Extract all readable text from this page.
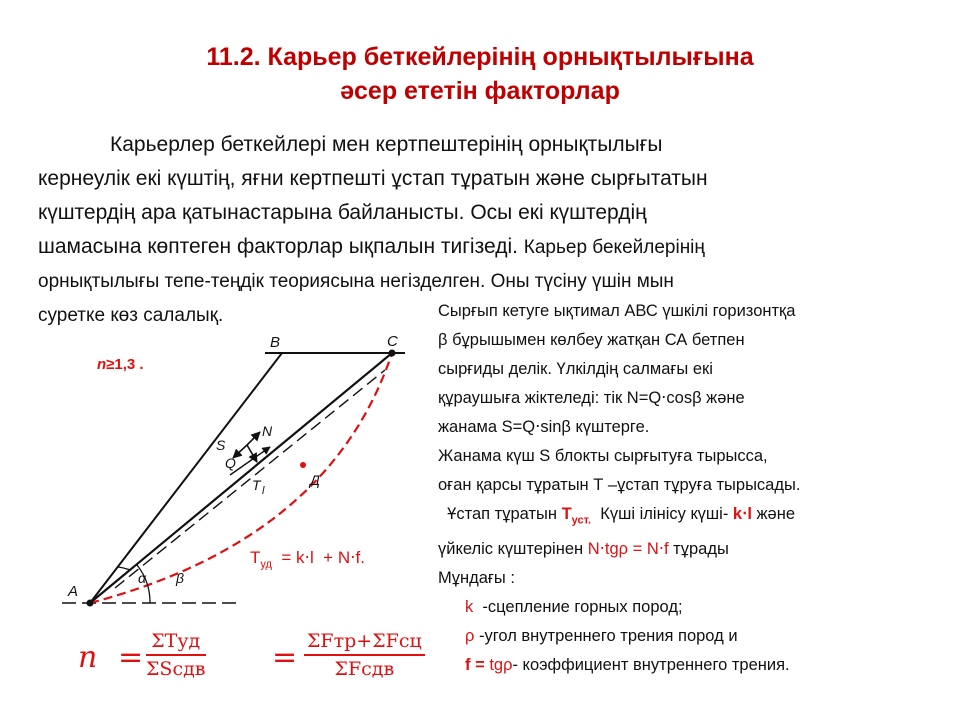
11.2. Карьер беткейлерінің орнықтылығына
әсер ететін факторлар
Карьерлер беткейлері мен кертпештерінің орнықтылығы
кернеулік екі күштің, яғни кертпешті ұстап тұратын және сырғытатын
күштердің ара қатынастарына байланысты. Осы екі күштердің
шамасына көптеген факторлар ықпалын тигізеді. Карьер бекейлерінің
орнықтылығы тепе-теңдік теориясына негізделген. Оны түсіну үшін мын
суретке көз салалық.	Сырғып кетуге ықтимал АВС үшкілі горизонтқа
β бұрышымен көлбеу жатқан СА бетпен
сырғиды делік. Үлкілдің салмағы екі
құраушыға жіктеледі: тік N=Q⋅cosβ және
жанама S=Q⋅sinβ күштерге.
Жанама күш S блокты сырғытуға тырысса,
оған қарсы тұратын Т –ұстап тұруға тырысады.
Ұстап тұратын $Т_{уст.}$  Күші ілінісу күші- k⋅l және
үйкеліс күштерінен N⋅tgρ = N⋅f тұрады
Мұндағы :
k  -сцепление горных пород;
ρ -угол внутреннего трения пород и
f = tgρ- коэффициент внутреннего трения.
A
B	C
S
N
Q
T l
Д
α β
n≥1,3 .
$Т_{уд} = k\cdot l + N\cdot f$.
n = ΣТуд
ΣSсдв = ΣFтр+ΣFсц
ΣFсдв
